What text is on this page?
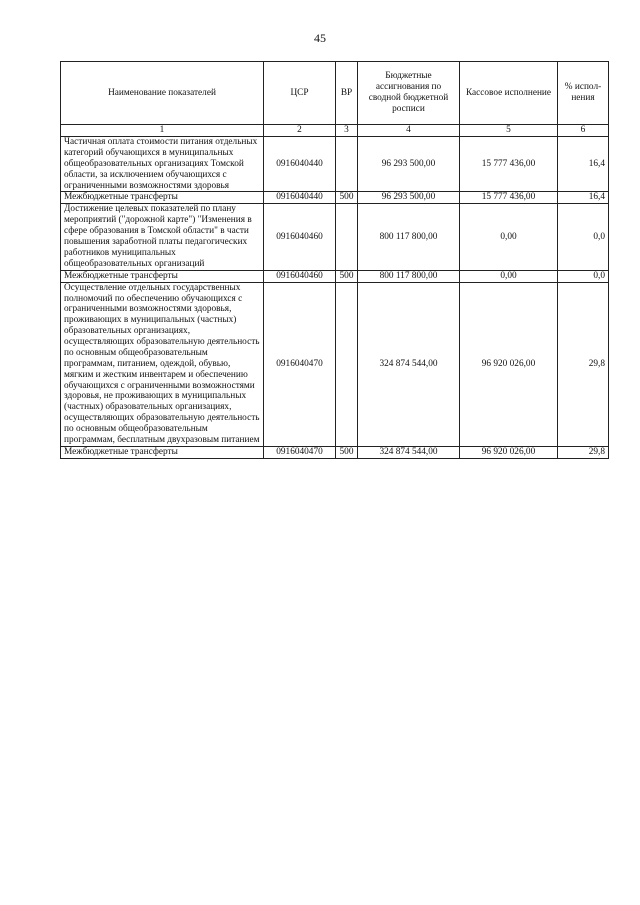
45
Наименование показателей	ЦСР	ВР	Бюджетные ассигнования по сводной бюджетной росписи	Кассовое исполнение	% испол-нения
1	2	3	4	5	6
Частичная оплата стоимости питания отдельных категорий обучающихся в муниципальных общеобразовательных организациях Томской области, за исключением обучающихся с ограниченными возможностями здоровья	0916040440		96 293 500,00	15 777 436,00	16,4
Межбюджетные трансферты	0916040440	500	96 293 500,00	15 777 436,00	16,4
Достижение целевых показателей по плану мероприятий ("дорожной карте") "Изменения в сфере образования в Томской области" в части повышения заработной платы педагогических работников муниципальных общеобразовательных организаций	0916040460		800 117 800,00	0,00	0,0
Межбюджетные трансферты	0916040460	500	800 117 800,00	0,00	0,0
Осуществление отдельных государственных полномочий по обеспечению обучающихся с ограниченными возможностями здоровья, проживающих в муниципальных (частных) образовательных организациях, осуществляющих образовательную деятельность по основным общеобразовательным программам, питанием, одеждой, обувью, мягким и жестким инвентарем и обеспечению обучающихся с ограниченными возможностями здоровья, не проживающих в муниципальных (частных) образовательных организациях, осуществляющих образовательную деятельность по основным общеобразовательным программам, бесплатным двухразовым питанием	0916040470		324 874 544,00	96 920 026,00	29,8
Межбюджетные трансферты	0916040470	500	324 874 544,00	96 920 026,00	29,8
